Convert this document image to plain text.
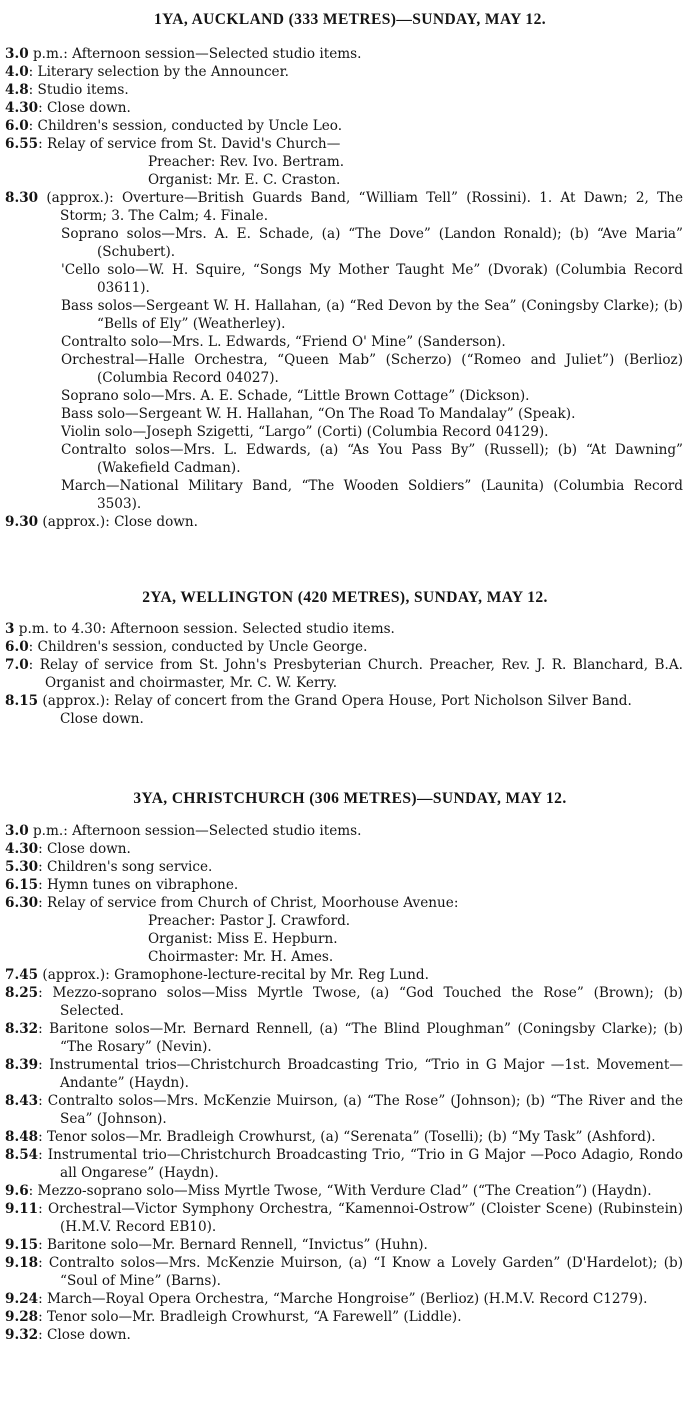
1YA, AUCKLAND (333 METRES)—SUNDAY, MAY 12.
3.0 p.m.: Afternoon session—Selected studio items.
4.0: Literary selection by the Announcer.
4.8: Studio items.
4.30: Close down.
6.0: Children's session, conducted by Uncle Leo.
6.55: Relay of service from St. David's Church—
Preacher: Rev. Ivo. Bertram.
Organist: Mr. E. C. Craston.
8.30 (approx.): Overture—British Guards Band, “William Tell” (Rossini). 1. At Dawn; 2, The Storm; 3. The Calm; 4. Finale.
Soprano solos—Mrs. A. E. Schade, (a) “The Dove” (Landon Ronald); (b) “Ave Maria” (Schubert).
'Cello solo—W. H. Squire, “Songs My Mother Taught Me” (Dvorak) (Columbia Record 03611).
Bass solos—Sergeant W. H. Hallahan, (a) “Red Devon by the Sea” (Coningsby Clarke); (b) “Bells of Ely” (Weatherley).
Contralto solo—Mrs. L. Edwards, “Friend O' Mine” (Sanderson).
Orchestral—Halle Orchestra, “Queen Mab” (Scherzo) (“Romeo and Juliet”) (Berlioz) (Columbia Record 04027).
Soprano solo—Mrs. A. E. Schade, “Little Brown Cottage” (Dickson).
Bass solo—Sergeant W. H. Hallahan, “On The Road To Mandalay” (Speak).
Violin solo—Joseph Szigetti, “Largo” (Corti) (Columbia Record 04129).
Contralto solos—Mrs. L. Edwards, (a) “As You Pass By” (Russell); (b) “At Dawning” (Wakefield Cadman).
March—National Military Band, “The Wooden Soldiers” (Launita) (Columbia Record 3503).
9.30 (approx.): Close down.
2YA, WELLINGTON (420 METRES), SUNDAY, MAY 12.
3 p.m. to 4.30: Afternoon session. Selected studio items.
6.0: Children's session, conducted by Uncle George.
7.0: Relay of service from St. John's Presbyterian Church. Preacher, Rev. J. R. Blanchard, B.A. Organist and choirmaster, Mr. C. W. Kerry.
8.15 (approx.): Relay of concert from the Grand Opera House, Port Nicholson Silver Band.
Close down.
3YA, CHRISTCHURCH (306 METRES)—SUNDAY, MAY 12.
3.0 p.m.: Afternoon session—Selected studio items.
4.30: Close down.
5.30: Children's song service.
6.15: Hymn tunes on vibraphone.
6.30: Relay of service from Church of Christ, Moorhouse Avenue:
Preacher: Pastor J. Crawford.
Organist: Miss E. Hepburn.
Choirmaster: Mr. H. Ames.
7.45 (approx.): Gramophone-lecture-recital by Mr. Reg Lund.
8.25: Mezzo-soprano solos—Miss Myrtle Twose, (a) “God Touched the Rose” (Brown); (b) Selected.
8.32: Baritone solos—Mr. Bernard Rennell, (a) “The Blind Ploughman” (Coningsby Clarke); (b) “The Rosary” (Nevin).
8.39: Instrumental trios—Christchurch Broadcasting Trio, “Trio in G Major —1st. Movement—Andante” (Haydn).
8.43: Contralto solos—Mrs. McKenzie Muirson, (a) “The Rose” (Johnson); (b) “The River and the Sea” (Johnson).
8.48: Tenor solos—Mr. Bradleigh Crowhurst, (a) “Serenata” (Toselli); (b) “My Task” (Ashford).
8.54: Instrumental trio—Christchurch Broadcasting Trio, “Trio in G Major —Poco Adagio, Rondo all Ongarese” (Haydn).
9.6: Mezzo-soprano solo—Miss Myrtle Twose, “With Verdure Clad” (“The Creation”) (Haydn).
9.11: Orchestral—Victor Symphony Orchestra, “Kamennoi-Ostrow” (Cloister Scene) (Rubinstein) (H.M.V. Record EB10).
9.15: Baritone solo—Mr. Bernard Rennell, “Invictus” (Huhn).
9.18: Contralto solos—Mrs. McKenzie Muirson, (a) “I Know a Lovely Garden” (D'Hardelot); (b) “Soul of Mine” (Barns).
9.24: March—Royal Opera Orchestra, “Marche Hongroise” (Berlioz) (H.M.V. Record C1279).
9.28: Tenor solo—Mr. Bradleigh Crowhurst, “A Farewell” (Liddle).
9.32: Close down.
